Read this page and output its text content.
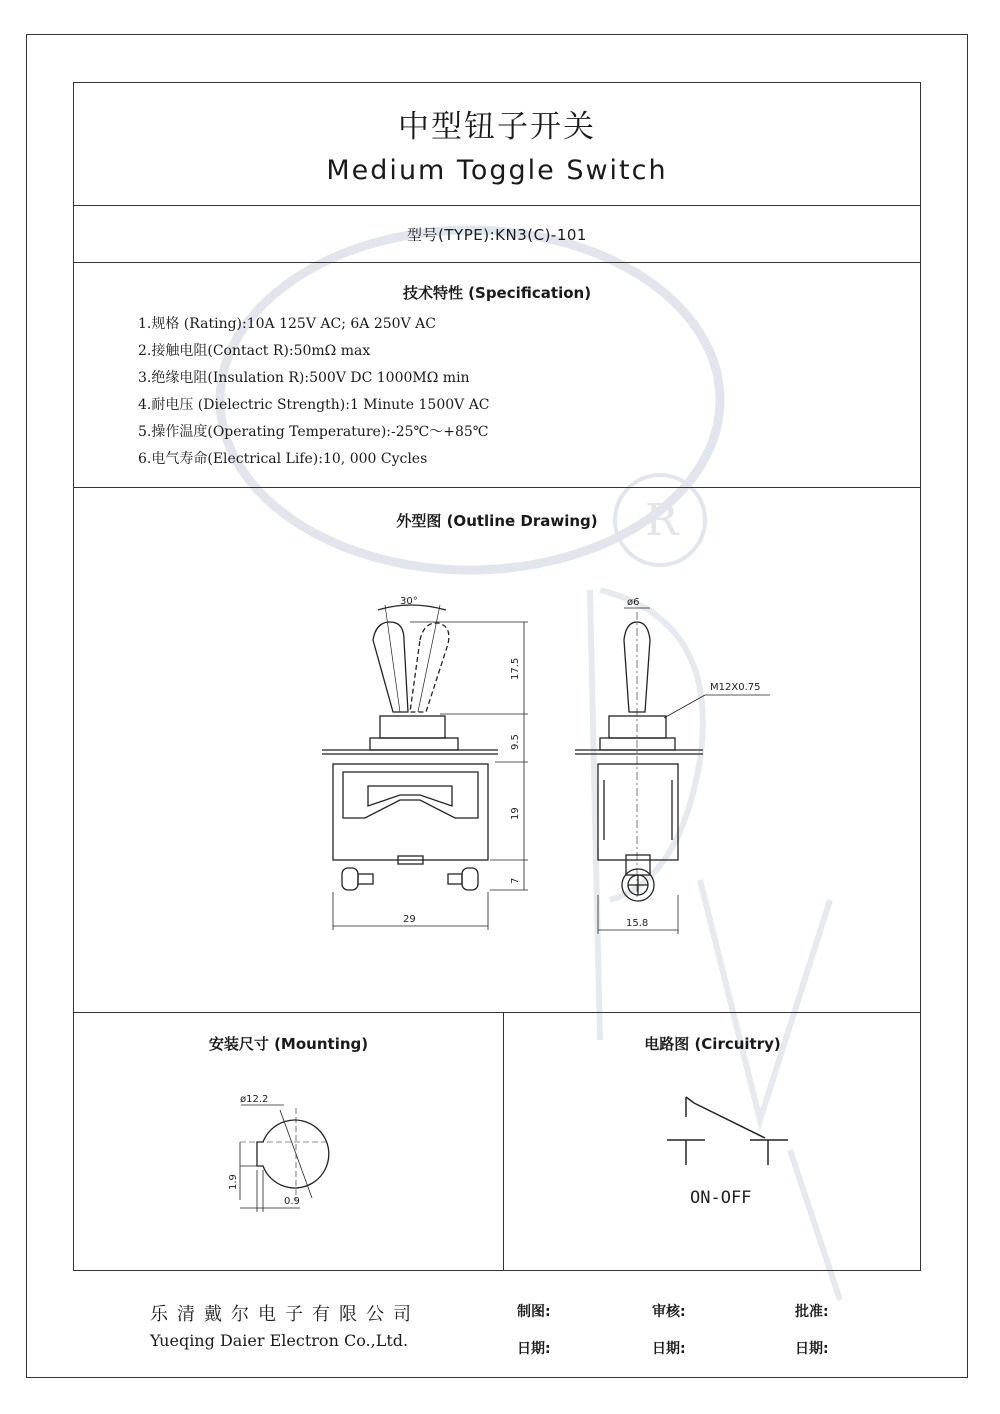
R
中型钮子开关
Medium Toggle Switch
型号(TYPE):KN3(C)-101
技术特性 (Specification)
1.规格 (Rating):10A 125V AC; 6A 250V AC
2.接触电阻(Contact R):50mΩ max
3.绝缘电阻(Insulation R):500V DC 1000MΩ min
4.耐电压 (Dielectric Strength):1 Minute 1500V AC
5.操作温度(Operating Temperature):-25℃～+85℃
6.电气寿命(Electrical Life):10, 000 Cycles
外型图 (Outline Drawing)
安装尺寸 (Mounting)	电路图 (Circuitry)
30°	ø6
M12X0.75
29	15.8
17.5
9.5
19
7
ø12.2
1.9
0.9	ON-OFF
乐清戴尔电子有限公司
Yueqing Daier Electron Co.,Ltd.
制图:	审核:	批准:
日期:	日期:	日期:
